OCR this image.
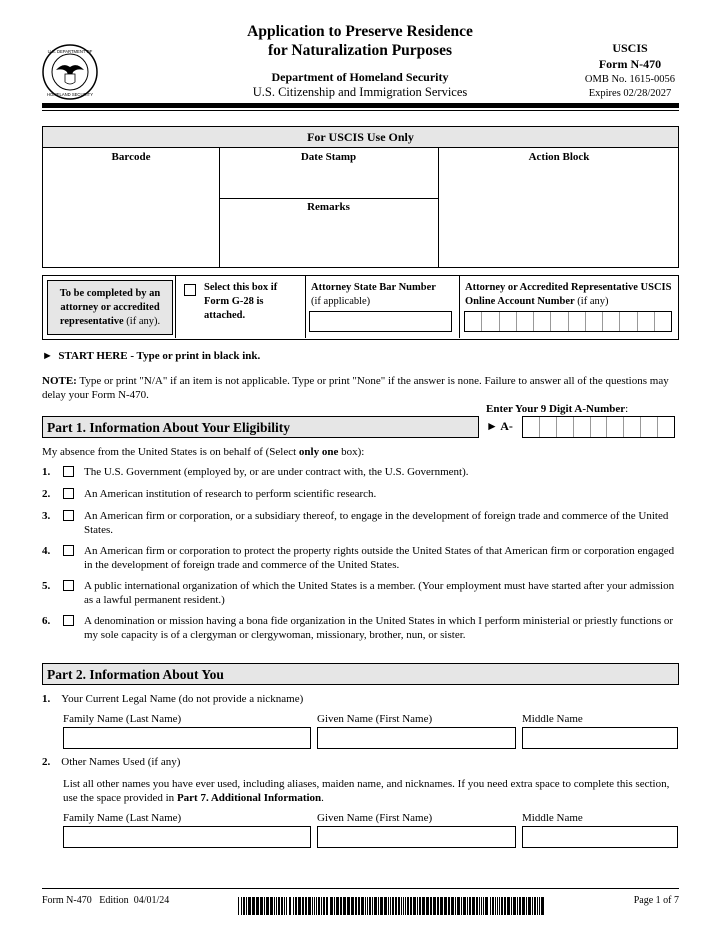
U.S. DEPARTMENT OF
HOMELAND SECURITY
Application to Preserve Residence
for Naturalization Purposes
Department of Homeland Security
U.S. Citizenship and Immigration Services
USCIS
Form N-470
OMB No. 1615-0056
Expires 02/28/2027
For USCIS Use Only
Barcode	Date Stamp	Action Block
Remarks
To be completed by an attorney or accredited representative (if any).
Select this box if Form G-28 is attached.
Attorney State Bar Number
(if applicable)
Attorney or Accredited Representative USCIS Online Account Number (if any)
► START HERE - Type or print in black ink.
NOTE: Type or print "N/A" if an item is not applicable. Type or print "None" if the answer is none. Failure to answer all of the questions may delay your Form N-470.
Enter Your 9 Digit A-Number:
► A-
Part 1. Information About Your Eligibility
My absence from the United States is on behalf of (Select only one box):
1.	The U.S. Government (employed by, or are under contract with, the U.S. Government).
2.	An American institution of research to perform scientific research.
3.	An American firm or corporation, or a subsidiary thereof, to engage in the development of foreign trade and commerce of the United States.
4.	An American firm or corporation to protect the property rights outside the United States of that American firm or corporation engaged in the development of foreign trade and commerce of the United States.
5.	A public international organization of which the United States is a member. (Your employment must have started after your admission as a lawful permanent resident.)
6.	A denomination or mission having a bona fide organization in the United States in which I perform ministerial or priestly functions or my sole capacity is of a clergyman or clergywoman, missionary, brother, nun, or sister.
Part 2. Information About You
1. Your Current Legal Name (do not provide a nickname)
Family Name (Last Name)	Given Name (First Name)	Middle Name
2. Other Names Used (if any)
List all other names you have ever used, including aliases, maiden name, and nicknames. If you need extra space to complete this section, use the space provided in Part 7. Additional Information.
Family Name (Last Name)	Given Name (First Name)	Middle Name
Form N-470 Edition 04/01/24	Page 1 of 7
